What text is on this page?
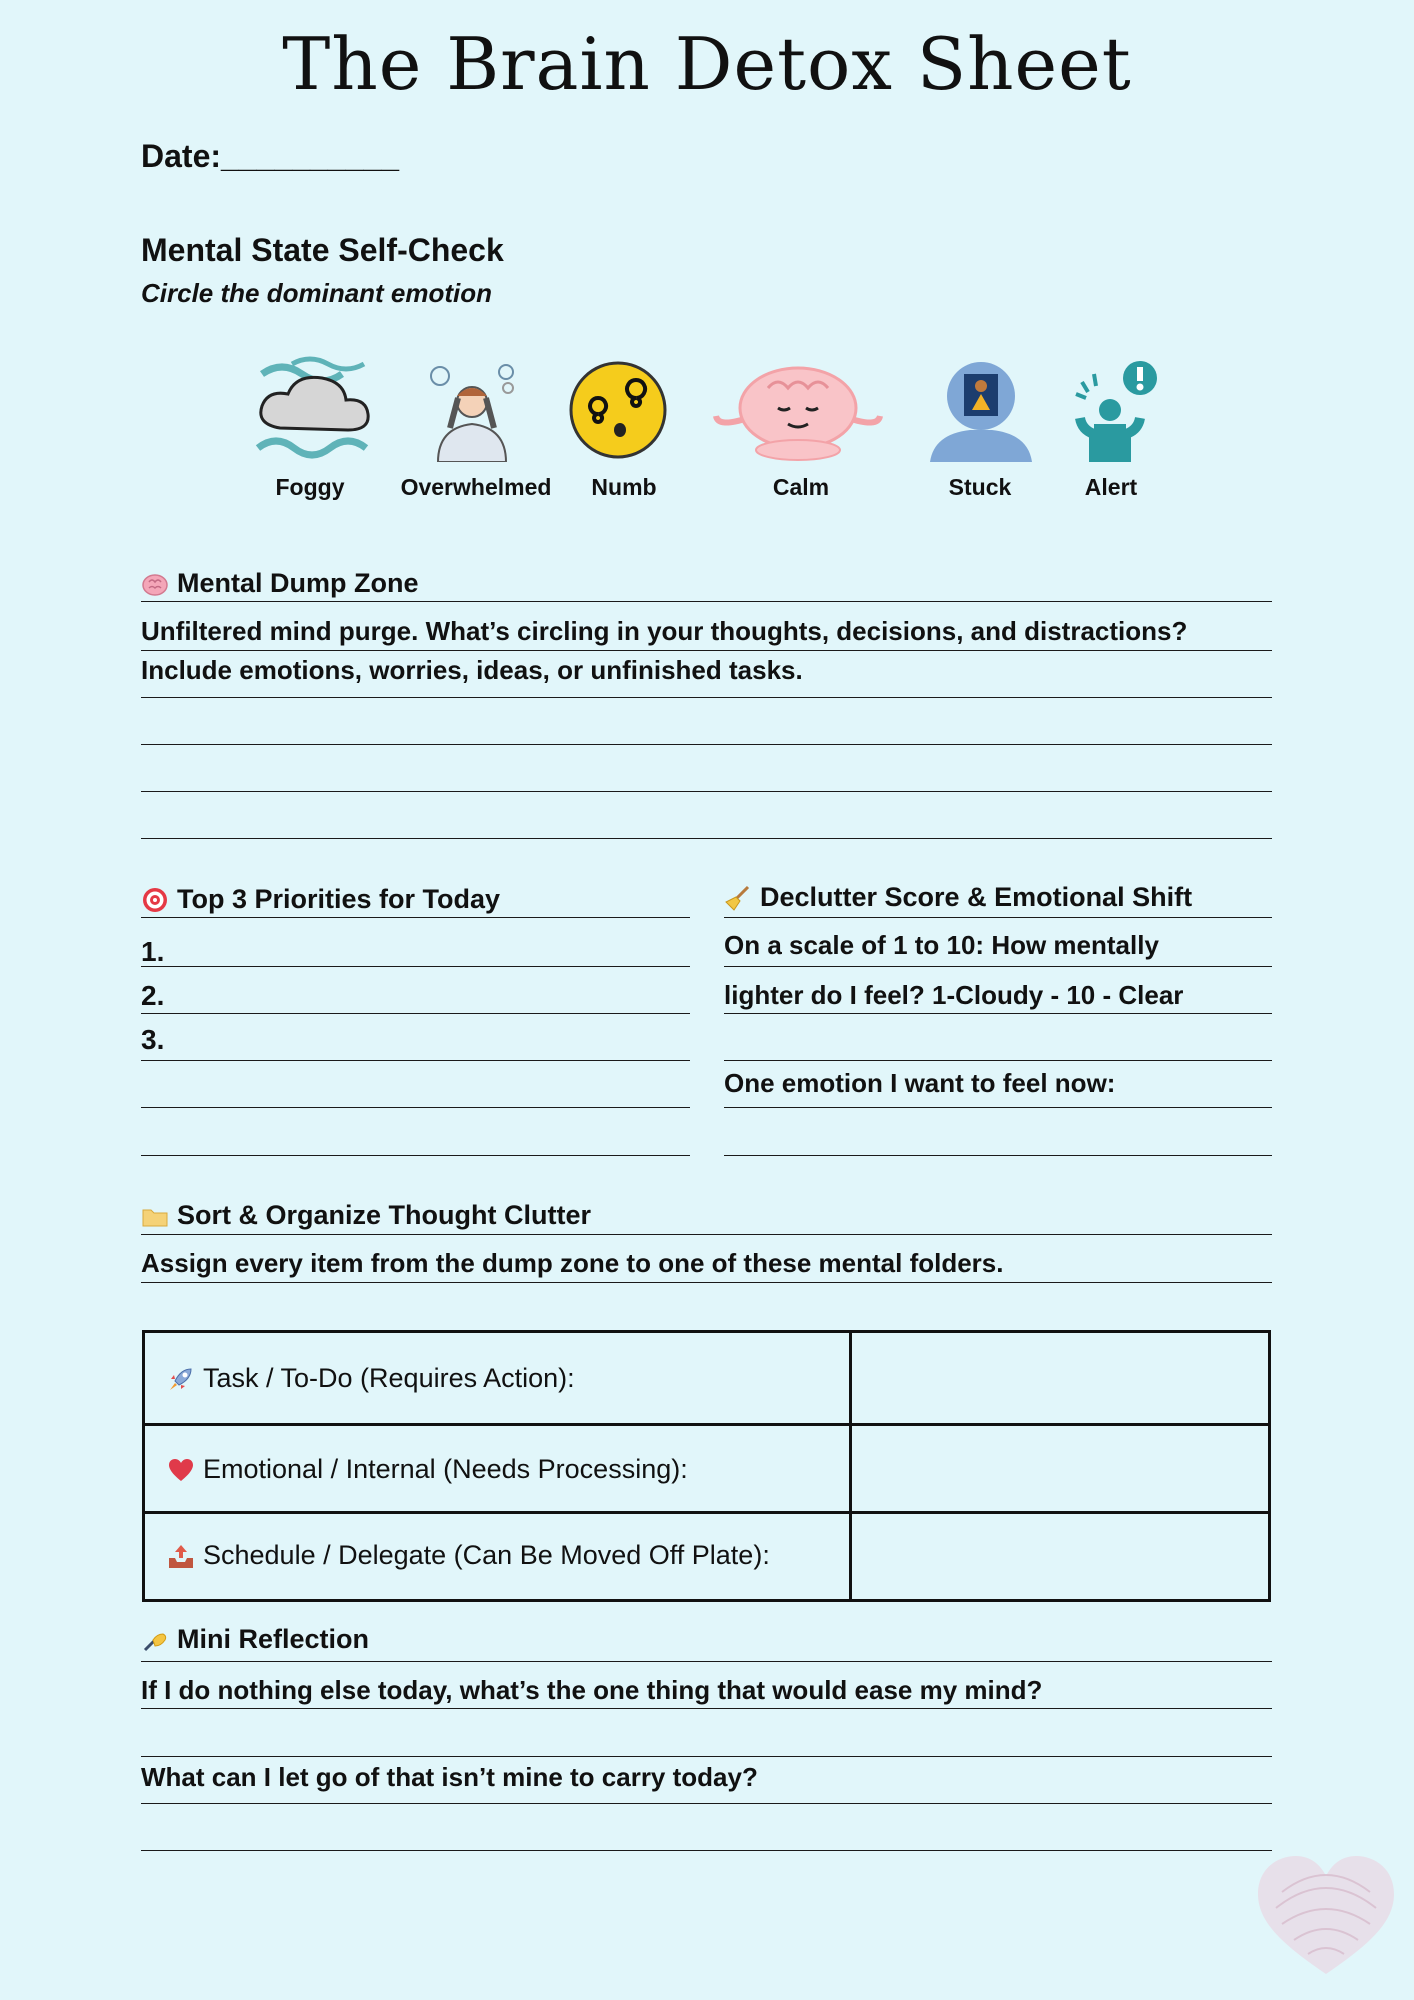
The Brain Detox Sheet
Date:__________
Mental State Self-Check
Circle the dominant emotion
Foggy	Overwhelmed	Numb	Calm	Stuck	Alert
Mental Dump Zone
Unfiltered mind purge. What’s circling in your thoughts, decisions, and distractions?
Include emotions, worries, ideas, or unfinished tasks.
Top 3 Priorities for Today
1.
2.
3.
Declutter Score & Emotional Shift
On a scale of 1 to 10: How mentally
lighter do I feel? 1-Cloudy - 10 - Clear
One emotion I want to feel now:
Sort & Organize Thought Clutter
Assign every item from the dump zone to one of these mental folders.
Task / To-Do (Requires Action):
Emotional / Internal (Needs Processing):
Schedule / Delegate (Can Be Moved Off Plate):
Mini Reflection
If I do nothing else today, what’s the one thing that would ease my mind?
What can I let go of that isn’t mine to carry today?
